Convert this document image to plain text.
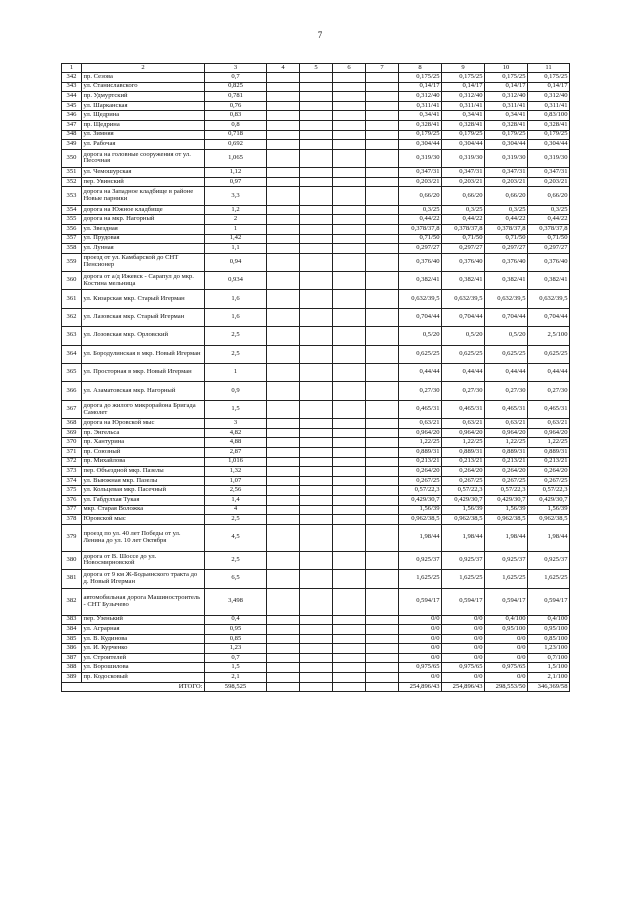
7
1	2	3	4	5	6	7	8	9	10	11
342	пр. Сезова	0,7					0,175/25	0,175/25	0,175/25	0,175/25
343	ул. Станиславского	0,825					0,14/17	0,14/17	0,14/17	0,14/17
344	пр. Удмуртский	0,781					0,312/40	0,312/40	0,312/40	0,312/40
345	ул. Шарканская	0,76					0,311/41	0,311/41	0,311/41	0,311/41
346	ул. Щедрина	0,83					0,34/41	0,34/41	0,34/41	0,83/100
347	пр. Щедрина	0,8					0,328/41	0,328/41	0,328/41	0,328/41
348	ул. Зимняя	0,718					0,179/25	0,179/25	0,179/25	0,179/25
349	ул. Рабочая	0,692					0,304/44	0,304/44	0,304/44	0,304/44
350	дорога на головные сооружения от ул. Песочная	1,065					0,319/30	0,319/30	0,319/30	0,319/30
351	ул. Чемошурская	1,12					0,347/31	0,347/31	0,347/31	0,347/31
352	пер. Увинский	0,97					0,203/21	0,203/21	0,203/21	0,203/21
353	дорога на Западное кладбище в районе Новые парники	3,3					0,66/20	0,66/20	0,66/20	0,66/20
354	дорога на Южное кладбище	1,2					0,3/25	0,3/25	0,3/25	0,3/25
355	дорога на мкр. Нагорный	2					0,44/22	0,44/22	0,44/22	0,44/22
356	ул. Звездная	1					0,378/37,8	0,378/37,8	0,378/37,8	0,378/37,8
357	ул. Прудовая	1,42					0,71/50	0,71/50	0,71/50	0,71/50
358	ул. Лунная	1,1					0,297/27	0,297/27	0,297/27	0,297/27
359	проезд от ул. Камбарской до СНТ Пенсионер	0,94					0,376/40	0,376/40	0,376/40	0,376/40
360	дорога от а/д Ижевск - Сарапул до мкр. Костина мельница	0,934					0,382/41	0,382/41	0,382/41	0,382/41
361	ул. Кизарская мкр. Старый Игерман	1,6					0,632/39,5	0,632/39,5	0,632/39,5	0,632/39,5
362	ул. Лазовская мкр. Старый Игерман	1,6					0,704/44	0,704/44	0,704/44	0,704/44
363	ул. Лозовская мкр. Орловский	2,5					0,5/20	0,5/20	0,5/20	2,5/100
364	ул. Бородулинская в мкр. Новый Игерман	2,5					0,625/25	0,625/25	0,625/25	0,625/25
365	ул. Просторная в мкр. Новый Игерман	1					0,44/44	0,44/44	0,44/44	0,44/44
366	ул. Азаматовская мкр. Нагорный	0,9					0,27/30	0,27/30	0,27/30	0,27/30
367	дорога до жилого микрорайона Бригада Самолет	1,5					0,465/31	0,465/31	0,465/31	0,465/31
368	дорога на Юровской мыс	3					0,63/21	0,63/21	0,63/21	0,63/21
369	пр. Энгельса	4,82					0,964/20	0,964/20	0,964/20	0,964/20
370	пр. Хантурина	4,88					1,22/25	1,22/25	1,22/25	1,22/25
371	пр. Союзный	2,87					0,889/31	0,889/31	0,889/31	0,889/31
372	пр. Михайлова	1,016					0,213/21	0,213/21	0,213/21	0,213/21
373	пер. Объездной мкр. Пазелы	1,32					0,264/20	0,264/20	0,264/20	0,264/20
374	ул. Выюжная мкр. Пазелы	1,07					0,267/25	0,267/25	0,267/25	0,267/25
375	ул. Кольцевая мкр. Пасечный	2,56					0,57/22,3	0,57/22,3	0,57/22,3	0,57/22,3
376	ул. Габдулхая Тукая	1,4					0,429/30,7	0,429/30,7	0,429/30,7	0,429/30,7
377	мкр. Старая Воложка	4					1,56/39	1,56/39	1,56/39	1,56/39
378	Юровской мыс	2,5					0,962/38,5	0,962/38,5	0,962/38,5	0,962/38,5
379	проезд по ул. 40 лет Победы от ул. Ленина до ул. 10 лет Октября	4,5					1,98/44	1,98/44	1,98/44	1,98/44
380	дорога от В. Шоссе до ул. Новосмирновской	2,5					0,925/37	0,925/37	0,925/37	0,925/37
381	дорога от 9 км Ж-Бодьинского тракта до д. Новый Игерман	6,5					1,625/25	1,625/25	1,625/25	1,625/25
382	автомобильная дорога Машиностроитель - СНТ Бузычево	3,498					0,594/17	0,594/17	0,594/17	0,594/17
383	пер. Узенький	0,4					0/0	0/0	0,4/100	0,4/100
384	ул. Аграрная	0,95					0/0	0/0	0,95/100	0,95/100
385	ул. В. Кудинова	0,85					0/0	0/0	0/0	0,85/100
386	ул. И. Курченко	1,23					0/0	0/0	0/0	1,23/100
387	ул. Строителей	0,7					0/0	0/0	0/0	0,7/100
388	ул. Ворошилова	1,5					0,975/65	0,975/65	0,975/65	1,5/100
389	пр. Кодосковый	2,1					0/0	0/0	0/0	2,1/100
ИТОГО:		598,525					254,896/43	254,896/43	298,553/50	346,369/58
